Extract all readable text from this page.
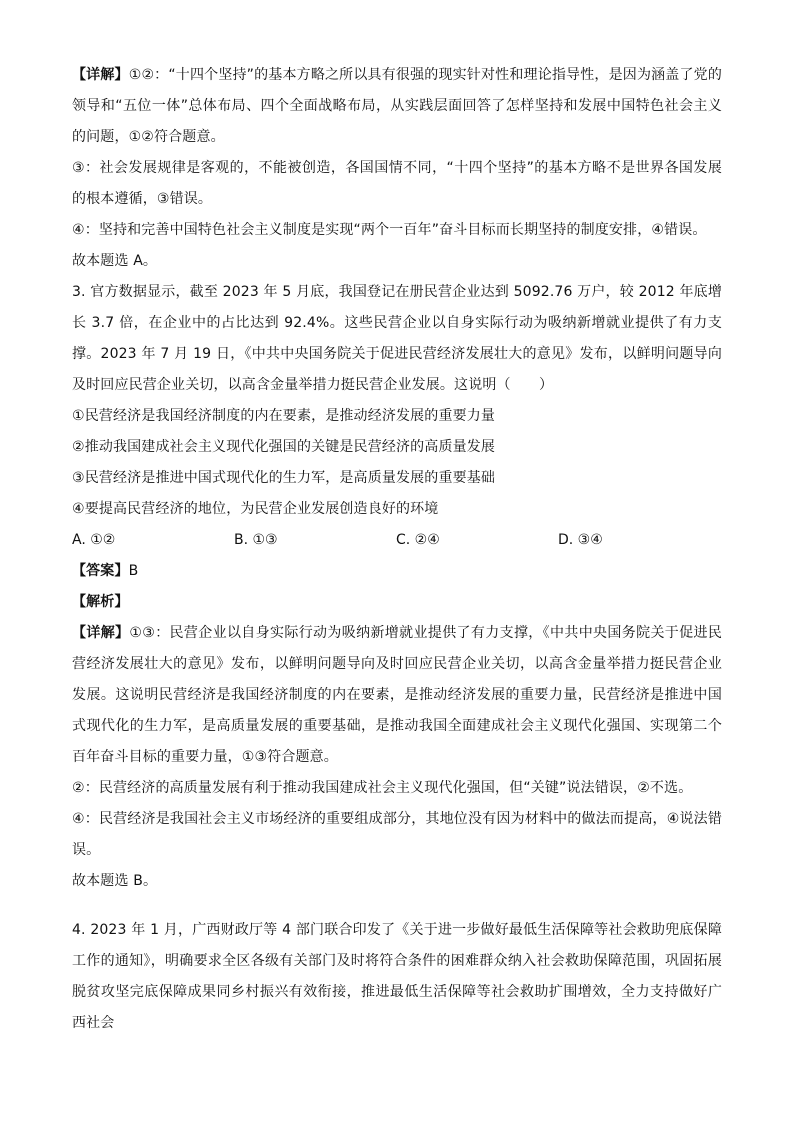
【详解】①②：“十四个坚持”的基本方略之所以具有很强的现实针对性和理论指导性，是因为涵盖了党的领导和“五位一体”总体布局、四个全面战略布局，从实践层面回答了怎样坚持和发展中国特色社会主义的问题，①②符合题意。

③：社会发展规律是客观的，不能被创造，各国国情不同，“十四个坚持”的基本方略不是世界各国发展的根本遵循，③错误。

④：坚持和完善中国特色社会主义制度是实现“两个一百年”奋斗目标而长期坚持的制度安排，④错误。

故本题选 A。

3. 官方数据显示，截至 2023 年 5 月底，我国登记在册民营企业达到 5092.76 万户，较 2012 年底增长 3.7 倍，在企业中的占比达到 92.4%。这些民营企业以自身实际行动为吸纳新增就业提供了有力支撑。2023 年 7 月 19 日，《中共中央国务院关于促进民营经济发展壮大的意见》发布，以鲜明问题导向及时回应民营企业关切，以高含金量举措力挺民营企业发展。这说明（　　）

①民营经济是我国经济制度的内在要素，是推动经济发展的重要力量

②推动我国建成社会主义现代化强国的关键是民营经济的高质量发展

③民营经济是推进中国式现代化的生力军，是高质量发展的重要基础

④要提高民营经济的地位，为民营企业发展创造良好的环境

A. ①②	B. ①③	C. ②④	D. ③④

【答案】B

【解析】

【详解】①③：民营企业以自身实际行动为吸纳新增就业提供了有力支撑，《中共中央国务院关于促进民营经济发展壮大的意见》发布，以鲜明问题导向及时回应民营企业关切，以高含金量举措力挺民营企业发展。这说明民营经济是我国经济制度的内在要素，是推动经济发展的重要力量，民营经济是推进中国式现代化的生力军，是高质量发展的重要基础，是推动我国全面建成社会主义现代化强国、实现第二个百年奋斗目标的重要力量，①③符合题意。

②：民营经济的高质量发展有利于推动我国建成社会主义现代化强国，但“关键”说法错误，②不选。

④：民营经济是我国社会主义市场经济的重要组成部分，其地位没有因为材料中的做法而提高，④说法错误。

故本题选 B。

4. 2023 年 1 月，广西财政厅等 4 部门联合印发了《关于进一步做好最低生活保障等社会救助兜底保障工作的通知》，明确要求全区各级有关部门及时将符合条件的困难群众纳入社会救助保障范围，巩固拓展脱贫攻坚完底保障成果同乡村振兴有效衔接，推进最低生活保障等社会救助扩围增效，全力支持做好广西社会
